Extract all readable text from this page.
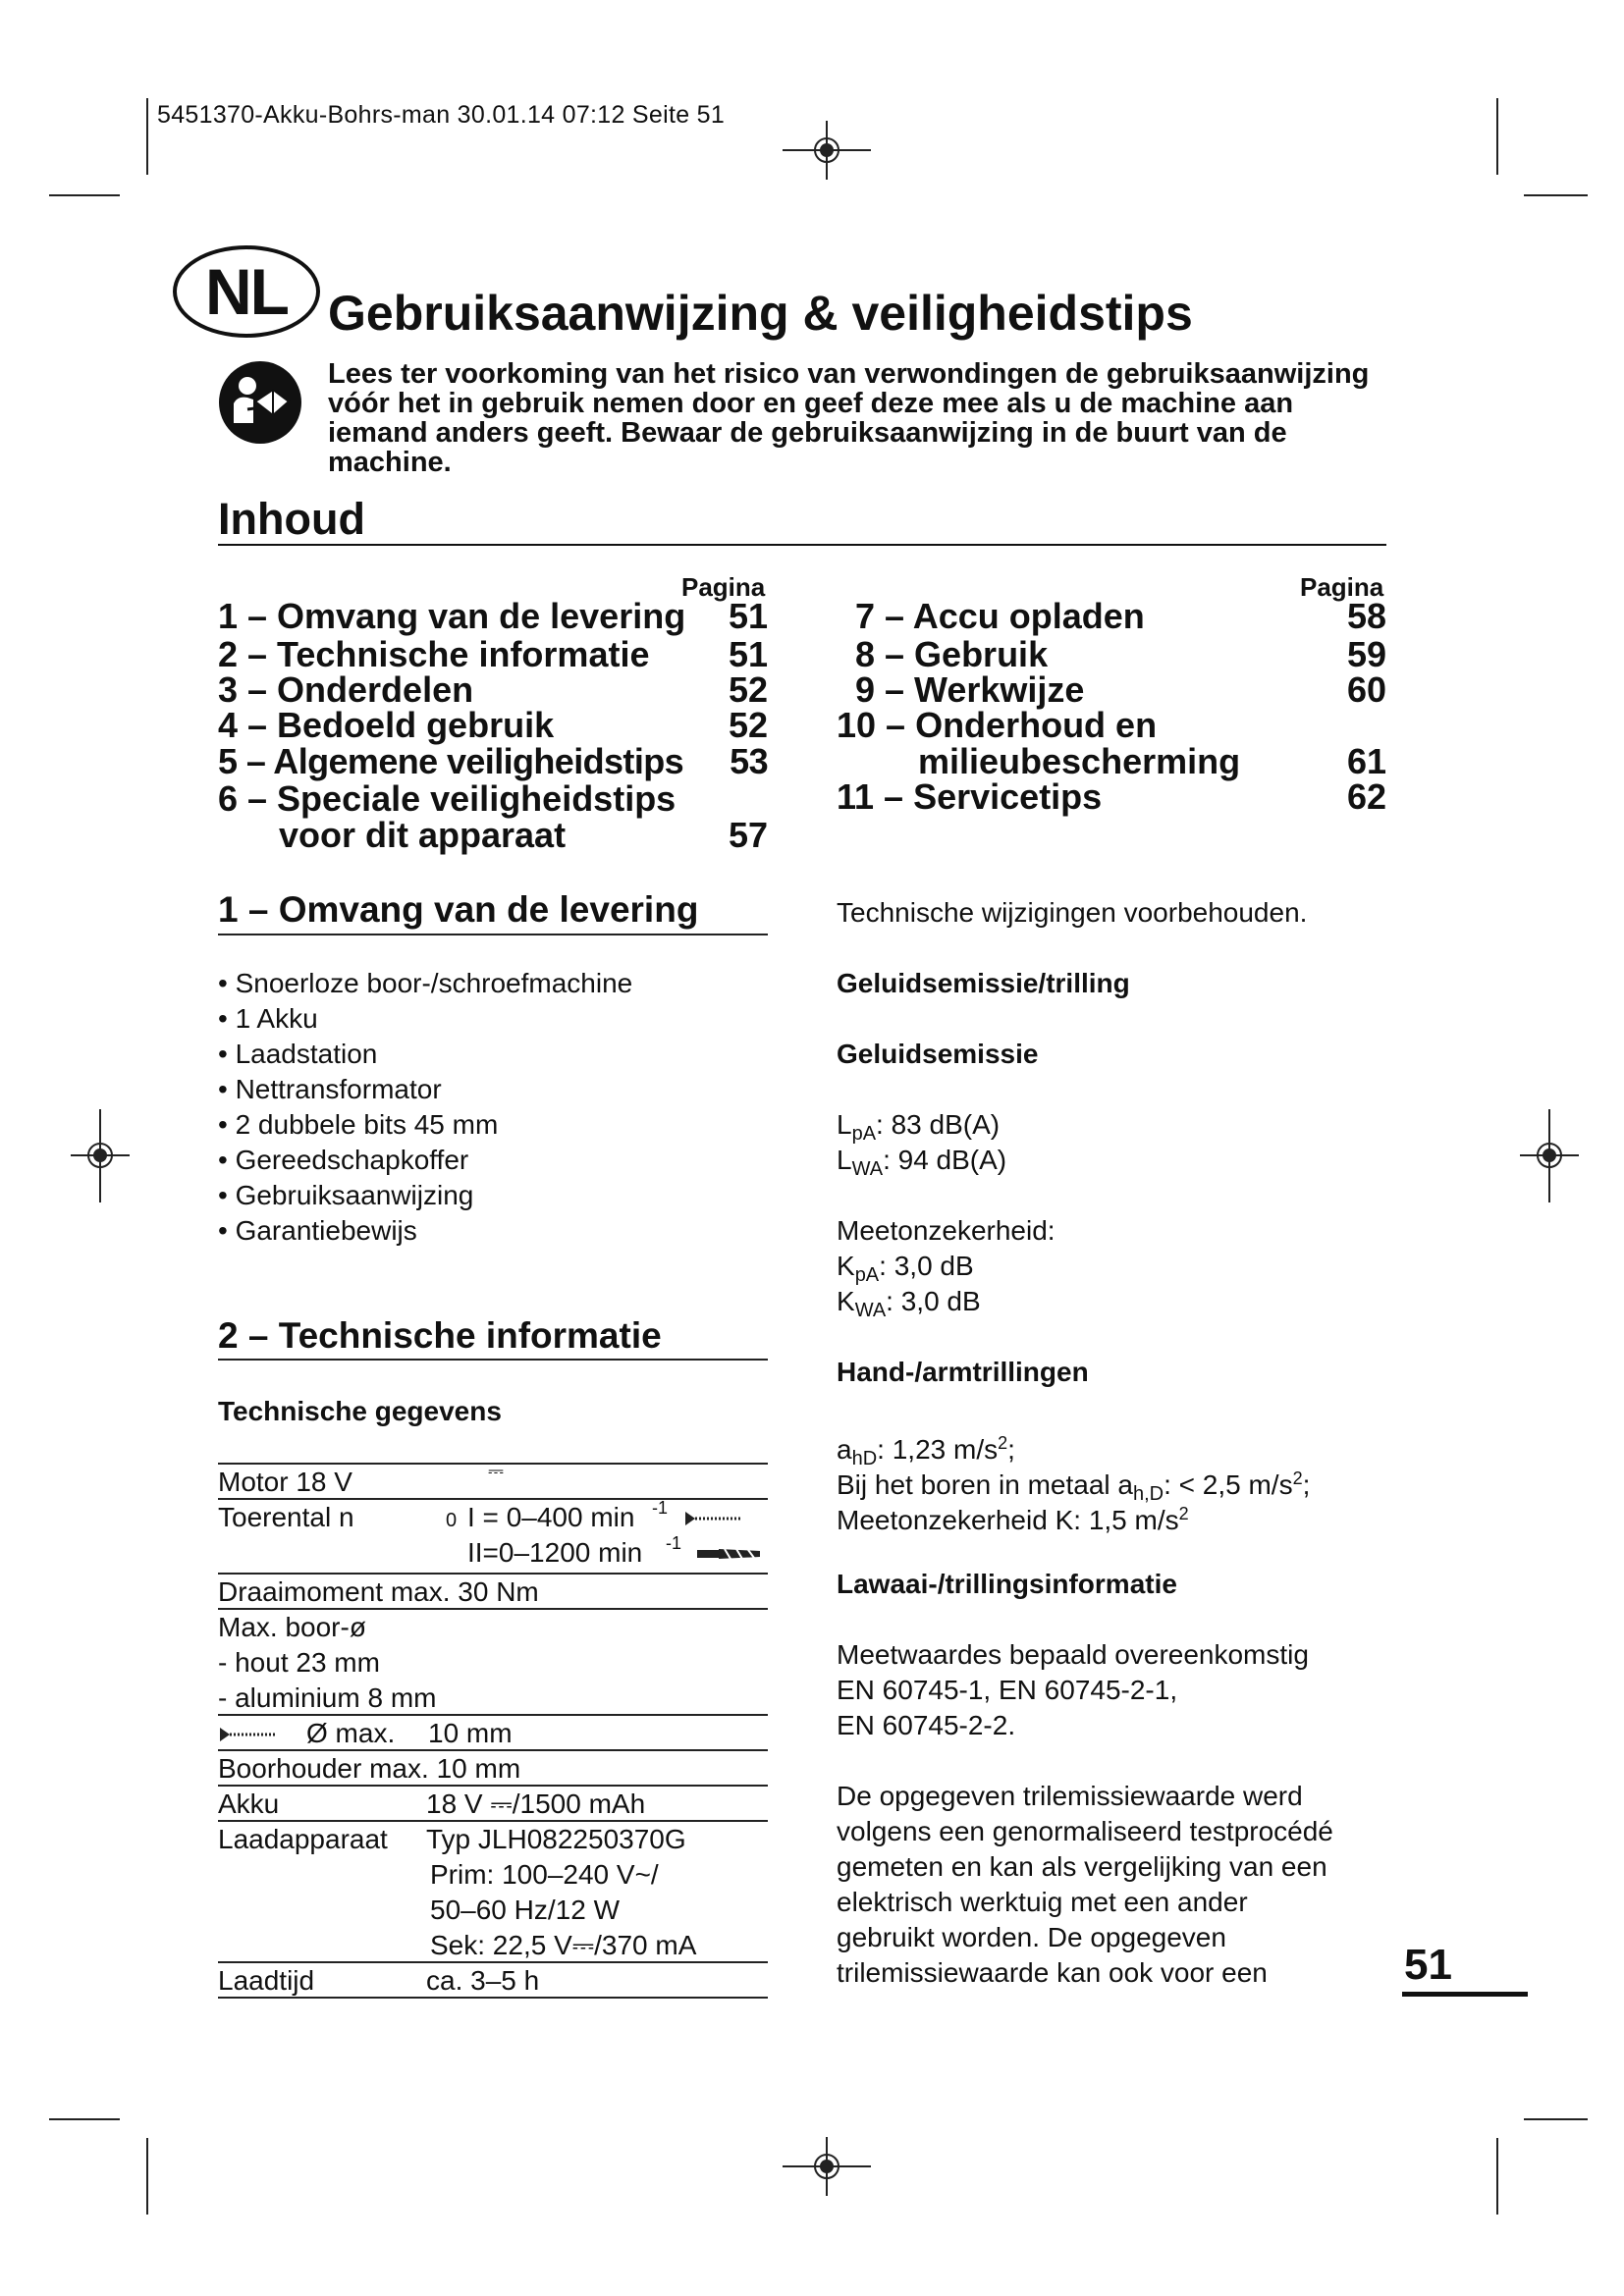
5451370-Akku-Bohrs-man 30.01.14 07:12 Seite 51
NL Gebruiksaanwijzing & veiligheidstips
Lees ter voorkoming van het risico van verwondingen de gebruiksaanwijzing vóór het in gebruik nemen door en geef deze mee als u de machine aan iemand anders geeft. Bewaar de gebruiksaanwijzing in de buurt van de machine.
Inhoud
Pagina	Pagina
1 – Omvang van de levering 51
2 – Technische informatie 51
3 – Onderdelen	52
4 – Bedoeld gebruik	52
5 – Algemene veiligheidstips 53
6 – Speciale veiligheidstips
voor dit apparaat	57
7 – Accu opladen	58
8 – Gebruik	59
9 – Werkwijze	60
10 – Onderhoud en
milieubescherming	61
11 – Servicetips	62
1 – Omvang van de levering
• Snoerloze boor-/schroefmachine
• 1 Akku
• Laadstation
• Nettransformator
• 2 dubbele bits 45 mm
• Gereedschapkoffer
• Gebruiksaanwijzing
• Garantiebewijs
2 – Technische informatie
Technische gegevens
Motor 18 V	⎓
Toerental n	0 I = 0–400 min -1
II=0–1200 min -1
Draaimoment max. 30 Nm
Max. boor-ø
- hout 23 mm
- aluminium 8 mm
Ø max. 10 mm
Boorhouder max. 10 mm
Akku	18 V ⎓/1500 mAh
Laadapparaat Typ JLH082250370G
Prim: 100–240 V~/
50–60 Hz/12 W
Sek: 22,5 V⎓/370 mA
Laadtijd	ca. 3–5 h
Technische wijzigingen voorbehouden.
Geluidsemissie/trilling
Geluidsemissie
$L_{pA}$: 83 dB(A)
$L_{WA}$: 94 dB(A)
Meetonzekerheid:
$K_{pA}$: 3,0 dB
$K_{WA}$: 3,0 dB
Hand-/armtrillingen
$a_{hD}$: 1,23 $m/s^2$;
Bij het boren in metaal $a_{h,D}$: < 2,5 $m/s^2$;
Meetonzekerheid K: 1,5 $m/s^2$
Lawaai-/trillingsinformatie
Meetwaardes bepaald overeenkomstig
EN 60745-1, EN 60745-2-1,
EN 60745-2-2.
De opgegeven trilemissiewaarde werd
volgens een genormaliseerd testprocédé
gemeten en kan als vergelijking van een
elektrisch werktuig met een ander
gebruikt worden. De opgegeven
trilemissiewaarde kan ook voor een	51
